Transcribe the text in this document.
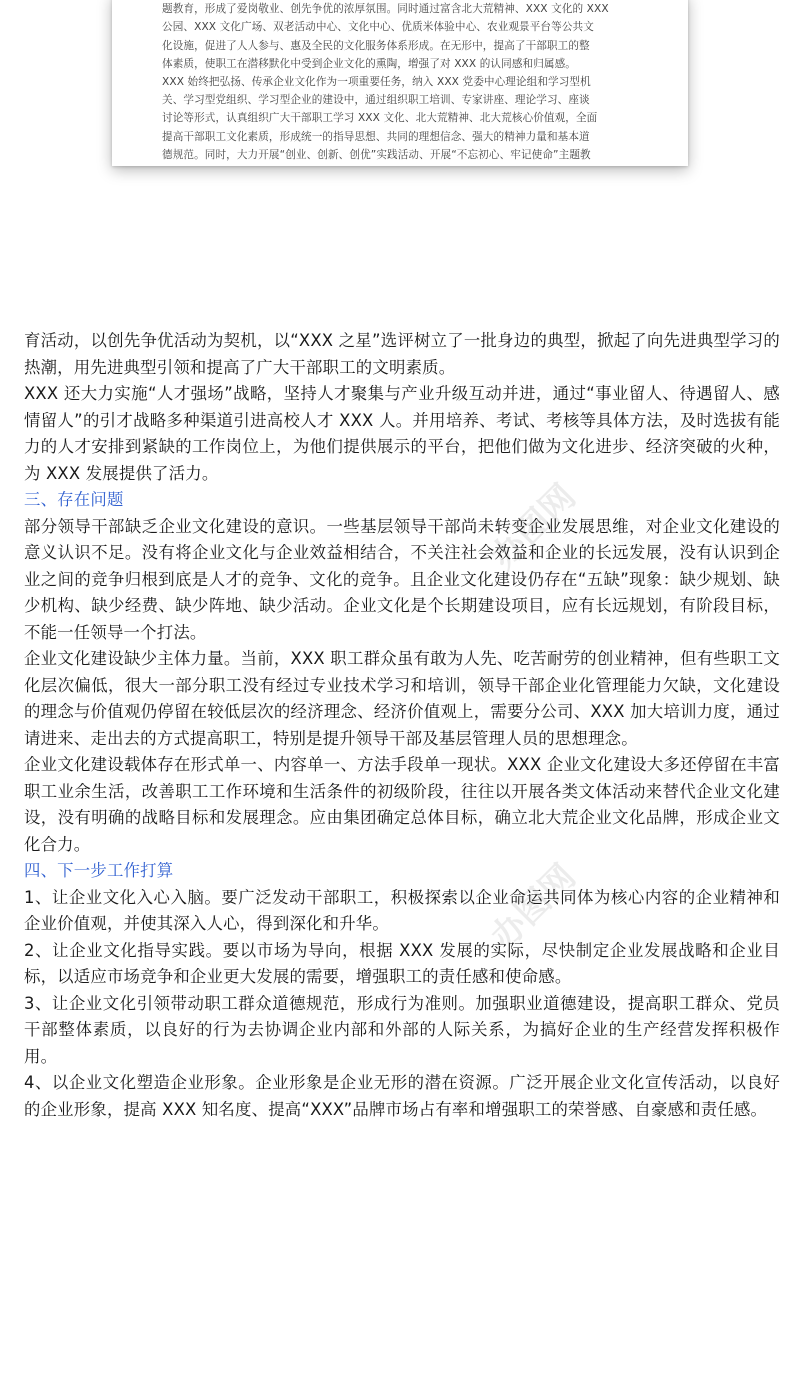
题教育，形成了爱岗敬业、创先争优的浓厚氛围。同时通过富含北大荒精神、XXX 文化的 XXX

公园、XXX 文化广场、双老活动中心、文化中心、优质米体验中心、农业观景平台等公共文

化设施，促进了人人参与、惠及全民的文化服务体系形成。在无形中，提高了干部职工的整

体素质，使职工在潜移默化中受到企业文化的熏陶，增强了对 XXX 的认同感和归属感。

XXX 始终把弘扬、传承企业文化作为一项重要任务，纳入 XXX 党委中心理论组和学习型机

关、学习型党组织、学习型企业的建设中，通过组织职工培训、专家讲座、理论学习、座谈

讨论等形式，认真组织广大干部职工学习 XXX 文化、北大荒精神、北大荒核心价值观，全面

提高干部职工文化素质，形成统一的指导思想、共同的理想信念、强大的精神力量和基本道

德规范。同时，大力开展“创业、创新、创优”实践活动、开展“不忘初心、牢记使命”主题教

办图网
办图网

育活动，以创先争优活动为契机，以“XXX 之星”选评树立了一批身边的典型，掀起了向先进典型学习的热潮，用先进典型引领和提高了广大干部职工的文明素质。

XXX 还大力实施“人才强场”战略，坚持人才聚集与产业升级互动并进，通过“事业留人、待遇留人、感情留人”的引才战略多种渠道引进高校人才 XXX 人。并用培养、考试、考核等具体方法，及时选拔有能力的人才安排到紧缺的工作岗位上，为他们提供展示的平台，把他们做为文化进步、经济突破的火种，为 XXX 发展提供了活力。

三、存在问题

部分领导干部缺乏企业文化建设的意识。一些基层领导干部尚未转变企业发展思维，对企业文化建设的意义认识不足。没有将企业文化与企业效益相结合，不关注社会效益和企业的长远发展，没有认识到企业之间的竞争归根到底是人才的竞争、文化的竞争。且企业文化建设仍存在“五缺”现象：缺少规划、缺少机构、缺少经费、缺少阵地、缺少活动。企业文化是个长期建设项目，应有长远规划，有阶段目标，不能一任领导一个打法。

企业文化建设缺少主体力量。当前，XXX 职工群众虽有敢为人先、吃苦耐劳的创业精神，但有些职工文化层次偏低，很大一部分职工没有经过专业技术学习和培训，领导干部企业化管理能力欠缺，文化建设的理念与价值观仍停留在较低层次的经济理念、经济价值观上，需要分公司、XXX 加大培训力度，通过请进来、走出去的方式提高职工，特别是提升领导干部及基层管理人员的思想理念。

企业文化建设载体存在形式单一、内容单一、方法手段单一现状。XXX 企业文化建设大多还停留在丰富职工业余生活，改善职工工作环境和生活条件的初级阶段，往往以开展各类文体活动来替代企业文化建设，没有明确的战略目标和发展理念。应由集团确定总体目标，确立北大荒企业文化品牌，形成企业文化合力。

四、下一步工作打算

1、让企业文化入心入脑。要广泛发动干部职工，积极探索以企业命运共同体为核心内容的企业精神和企业价值观，并使其深入人心，得到深化和升华。

2、让企业文化指导实践。要以市场为导向，根据 XXX 发展的实际，尽快制定企业发展战略和企业目标，以适应市场竞争和企业更大发展的需要，增强职工的责任感和使命感。

3、让企业文化引领带动职工群众道德规范，形成行为准则。加强职业道德建设，提高职工群众、党员干部整体素质，以良好的行为去协调企业内部和外部的人际关系，为搞好企业的生产经营发挥积极作用。

4、以企业文化塑造企业形象。企业形象是企业无形的潜在资源。广泛开展企业文化宣传活动，以良好的企业形象，提高 XXX 知名度、提高“XXX”品牌市场占有率和增强职工的荣誉感、自豪感和责任感。
